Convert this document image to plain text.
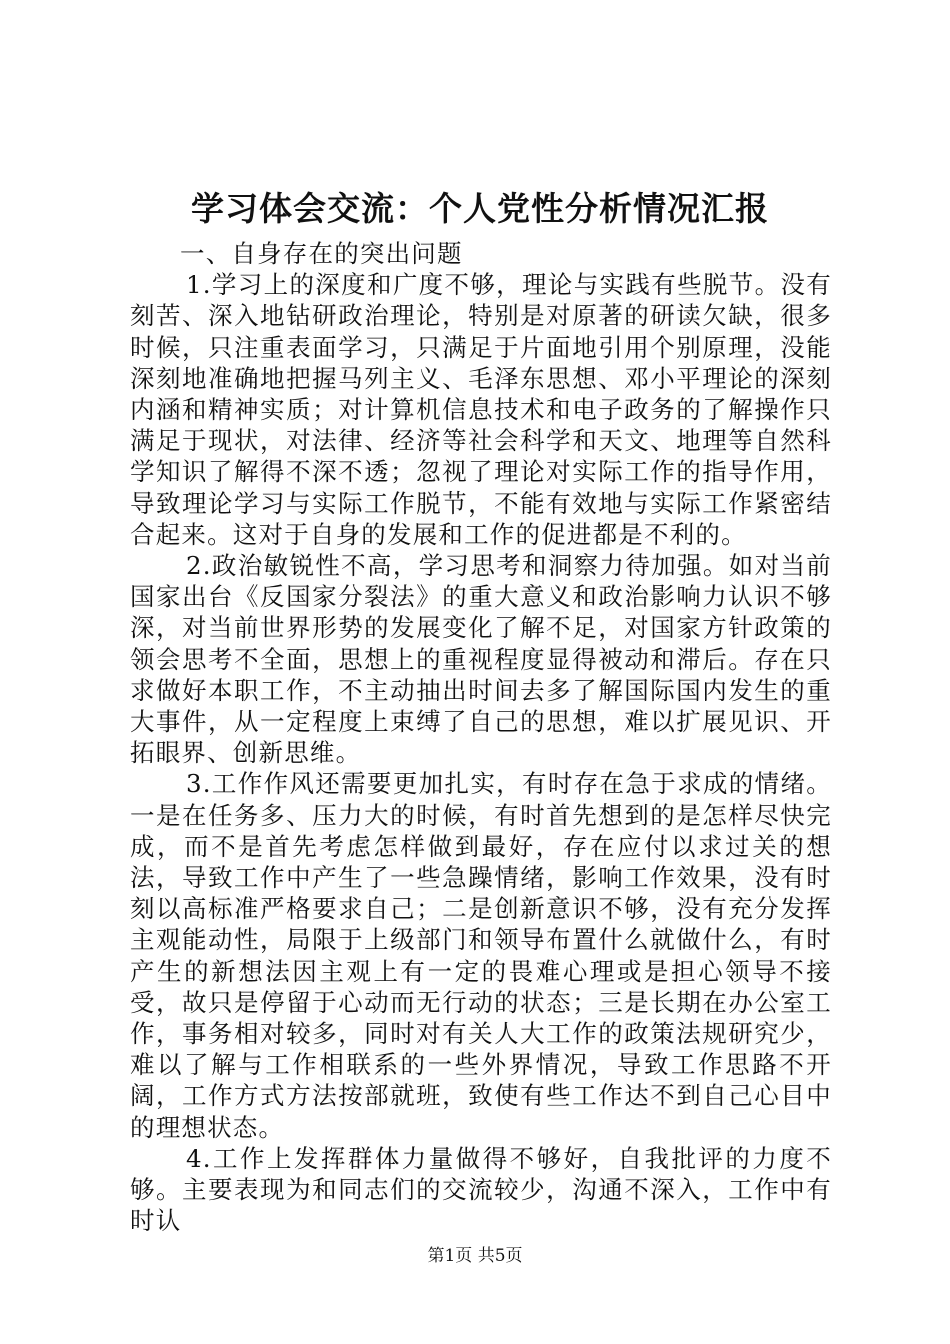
学习体会交流：个人党性分析情况汇报

一、自身存在的突出问题

1.学习上的深度和广度不够，理论与实践有些脱节。没有刻苦、深入地钻研政治理论，特别是对原著的研读欠缺，很多时候，只注重表面学习，只满足于片面地引用个别原理，没能深刻地准确地把握马列主义、毛泽东思想、邓小平理论的深刻内涵和精神实质；对计算机信息技术和电子政务的了解操作只满足于现状，对法律、经济等社会科学和天文、地理等自然科学知识了解得不深不透；忽视了理论对实际工作的指导作用，导致理论学习与实际工作脱节，不能有效地与实际工作紧密结合起来。这对于自身的发展和工作的促进都是不利的。

2.政治敏锐性不高，学习思考和洞察力待加强。如对当前国家出台《反国家分裂法》的重大意义和政治影响力认识不够深，对当前世界形势的发展变化了解不足，对国家方针政策的领会思考不全面，思想上的重视程度显得被动和滞后。存在只求做好本职工作，不主动抽出时间去多了解国际国内发生的重大事件，从一定程度上束缚了自己的思想，难以扩展见识、开拓眼界、创新思维。

3.工作作风还需要更加扎实，有时存在急于求成的情绪。一是在任务多、压力大的时候，有时首先想到的是怎样尽快完成，而不是首先考虑怎样做到最好，存在应付以求过关的想法，导致工作中产生了一些急躁情绪，影响工作效果，没有时刻以高标准严格要求自己；二是创新意识不够，没有充分发挥主观能动性，局限于上级部门和领导布置什么就做什么，有时产生的新想法因主观上有一定的畏难心理或是担心领导不接受，故只是停留于心动而无行动的状态；三是长期在办公室工作，事务相对较多，同时对有关人大工作的政策法规研究少，难以了解与工作相联系的一些外界情况，导致工作思路不开阔，工作方式方法按部就班，致使有些工作达不到自己心目中的理想状态。

4.工作上发挥群体力量做得不够好，自我批评的力度不够。主要表现为和同志们的交流较少，沟通不深入，工作中有时认

第1页 共5页
